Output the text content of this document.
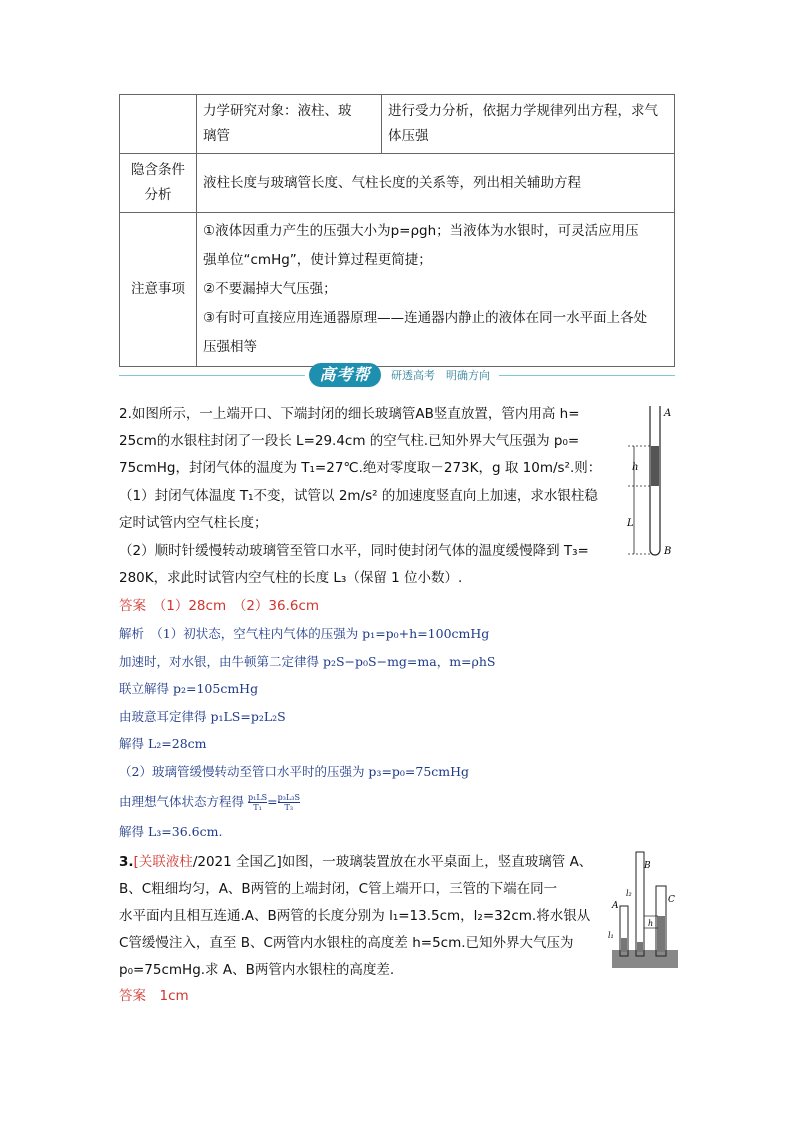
	力学研究对象：液柱、玻
璃管	进行受力分析，依据力学规律列出方程，求气
体压强
隐含条件
分析	液柱长度与玻璃管长度、气柱长度的关系等，列出相关辅助方程	
注意事项	①液体因重力产生的压强大小为p=ρgh；当液体为水银时，可灵活应用压
强单位“cmHg”，使计算过程更简捷；
②不要漏掉大气压强；
③有时可直接应用连通器原理——连通器内静止的液体在同一水平面上各处
压强相等	
高考帮	研透高考　明确方向
2.如图所示，一上端开口、下端封闭的细长玻璃管AB竖直放置，管内用高 h=
25cm的水银柱封闭了一段长 L=29.4cm 的空气柱.已知外界大气压强为 p₀=
75cmHg，封闭气体的温度为 T₁=27℃.绝对零度取－273K，g 取 10m/s².则：
（1）封闭气体温度 T₁不变，试管以 2m/s² 的加速度竖直向上加速，求水银柱稳
定时试管内空气柱长度；
（2）顺时针缓慢转动玻璃管至管口水平，同时使封闭气体的温度缓慢降到 T₃=
280K，求此时试管内空气柱的长度 L₃（保留 1 位小数）.
答案　 （1）28cm　（2）36.6cm
解析　（1）初状态，空气柱内气体的压强为 p₁=p₀+h=100cmHg
加速时，对水银，由牛顿第二定律得 p₂S−p₀S−mg=ma，m=ρhS
联立解得 p₂=105cmHg
由玻意耳定律得 p₁LS=p₂L₂S
解得 L₂=28cm
（2）玻璃管缓慢转动至管口水平时的压强为 p₃=p₀=75cmHg
由理想气体状态方程得 $\frac{\text{p₁LS}}{\text{T₁}} = \frac{\text{p₃L₃S}}{\text{T₃}}$
解得 L₃=36.6cm.
h
L
A
B
3.[关联液柱/2021 全国乙]如图，一玻璃装置放在水平桌面上，竖直玻璃管 A、
B、C粗细均匀，A、B两管的上端封闭，C管上端开口，三管的下端在同一
水平面内且相互连通.A、B两管的长度分别为 l₁=13.5cm，l₂=32cm.将水银从
C管缓慢注入，直至 B、C两管内水银柱的高度差 h=5cm.已知外界大气压为
p₀=75cmHg.求 A、B两管内水银柱的高度差.
答案　 1cm
h
A
B
C
l₁
l₂
